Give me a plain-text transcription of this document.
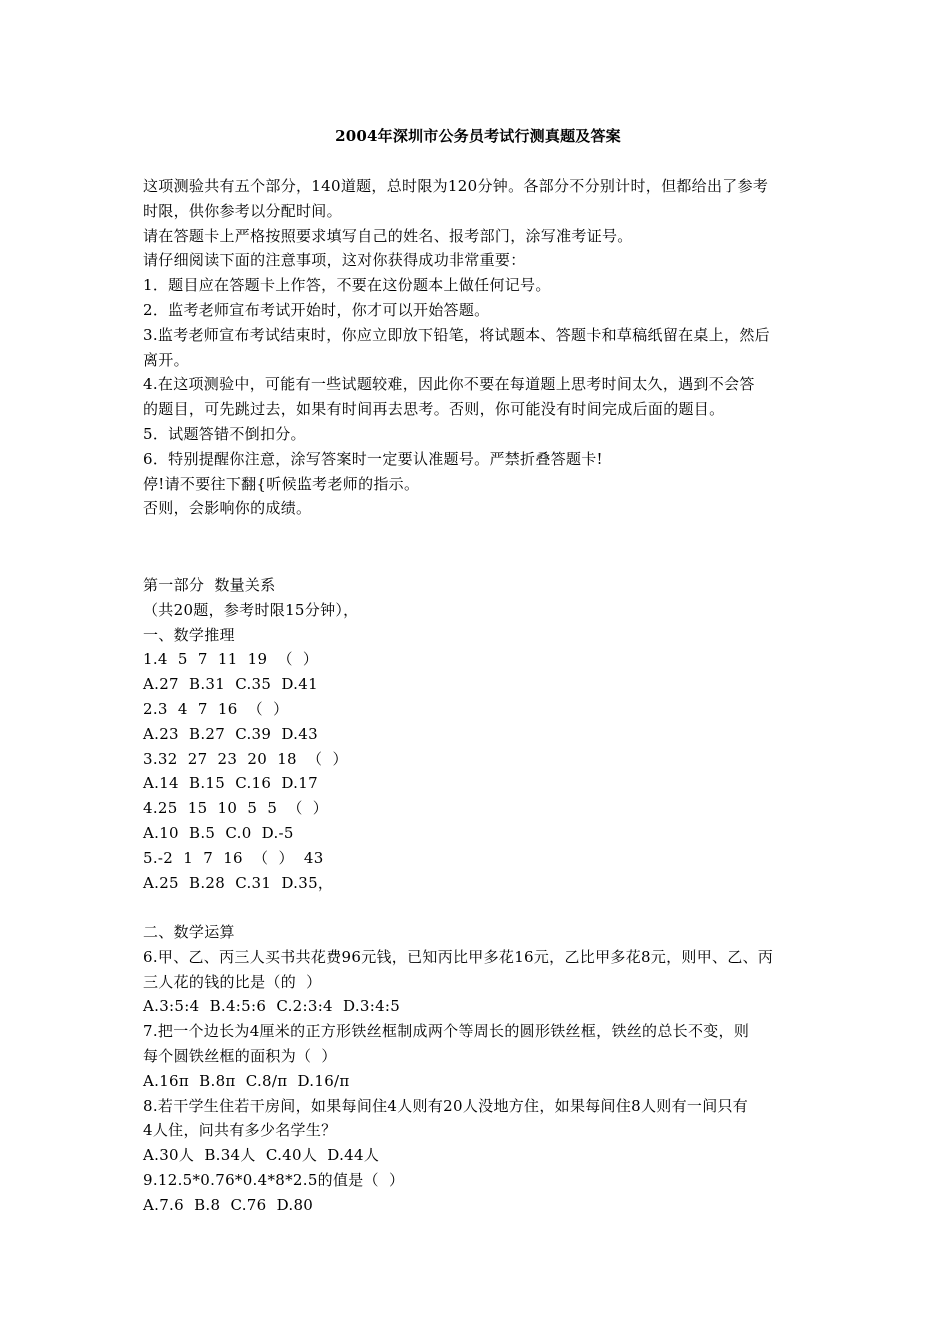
2004年深圳市公务员考试行测真题及答案
这项测验共有五个部分，140道题，总时限为120分钟。各部分不分别计时，但都给出了参考
时限，供你参考以分配时间。
请在答题卡上严格按照要求填写自己的姓名、报考部门，涂写准考证号。
请仔细阅读下面的注意事项，这对你获得成功非常重要：
1．题目应在答题卡上作答，不要在这份题本上做任何记号。
2．监考老师宣布考试开始时，你才可以开始答题。
3.监考老师宣布考试结束时，你应立即放下铅笔，将试题本、答题卡和草稿纸留在桌上，然后
离开。
4.在这项测验中，可能有一些试题较难，因此你不要在每道题上思考时间太久，遇到不会答
的题目，可先跳过去，如果有时间再去思考。否则，你可能没有时间完成后面的题目。
5．试题答错不倒扣分。
6．特别提醒你注意，涂写答案时一定要认准题号。严禁折叠答题卡!
停!请不要往下翻{听候监考老师的指示。
否则，会影响你的成绩。
第一部分  数量关系
（共20题，参考时限15分钟），
一、数学推理
1.4  5  7  11  19  （  ）
A.27  B.31  C.35  D.41
2.3  4  7  16  （  ）
A.23  B.27  C.39  D.43
3.32  27  23  20  18  （  ）
A.14  B.15  C.16  D.17
4.25  15  10  5  5  （  ）
A.10  B.5  C.0  D.-5
5.-2  1  7  16  （  ）  43
A.25  B.28  C.31  D.35，
二、数学运算
6.甲、乙、丙三人买书共花费96元钱，已知丙比甲多花16元，乙比甲多花8元，则甲、乙、丙
三人花的钱的比是（的  ）
A.3:5:4  B.4:5:6  C.2:3:4  D.3:4:5
7.把一个边长为4厘米的正方形铁丝框制成两个等周长的圆形铁丝框，铁丝的总长不变，则
每个圆铁丝框的面积为（  ）
A.16π  B.8π  C.8/π  D.16/π
8.若干学生住若干房间，如果每间住4人则有20人没地方住，如果每间住8人则有一间只有
4人住，问共有多少名学生？
A.30人  B.34人  C.40人  D.44人
9.12.5*0.76*0.4*8*2.5的值是（  ）
A.7.6  B.8  C.76  D.80
